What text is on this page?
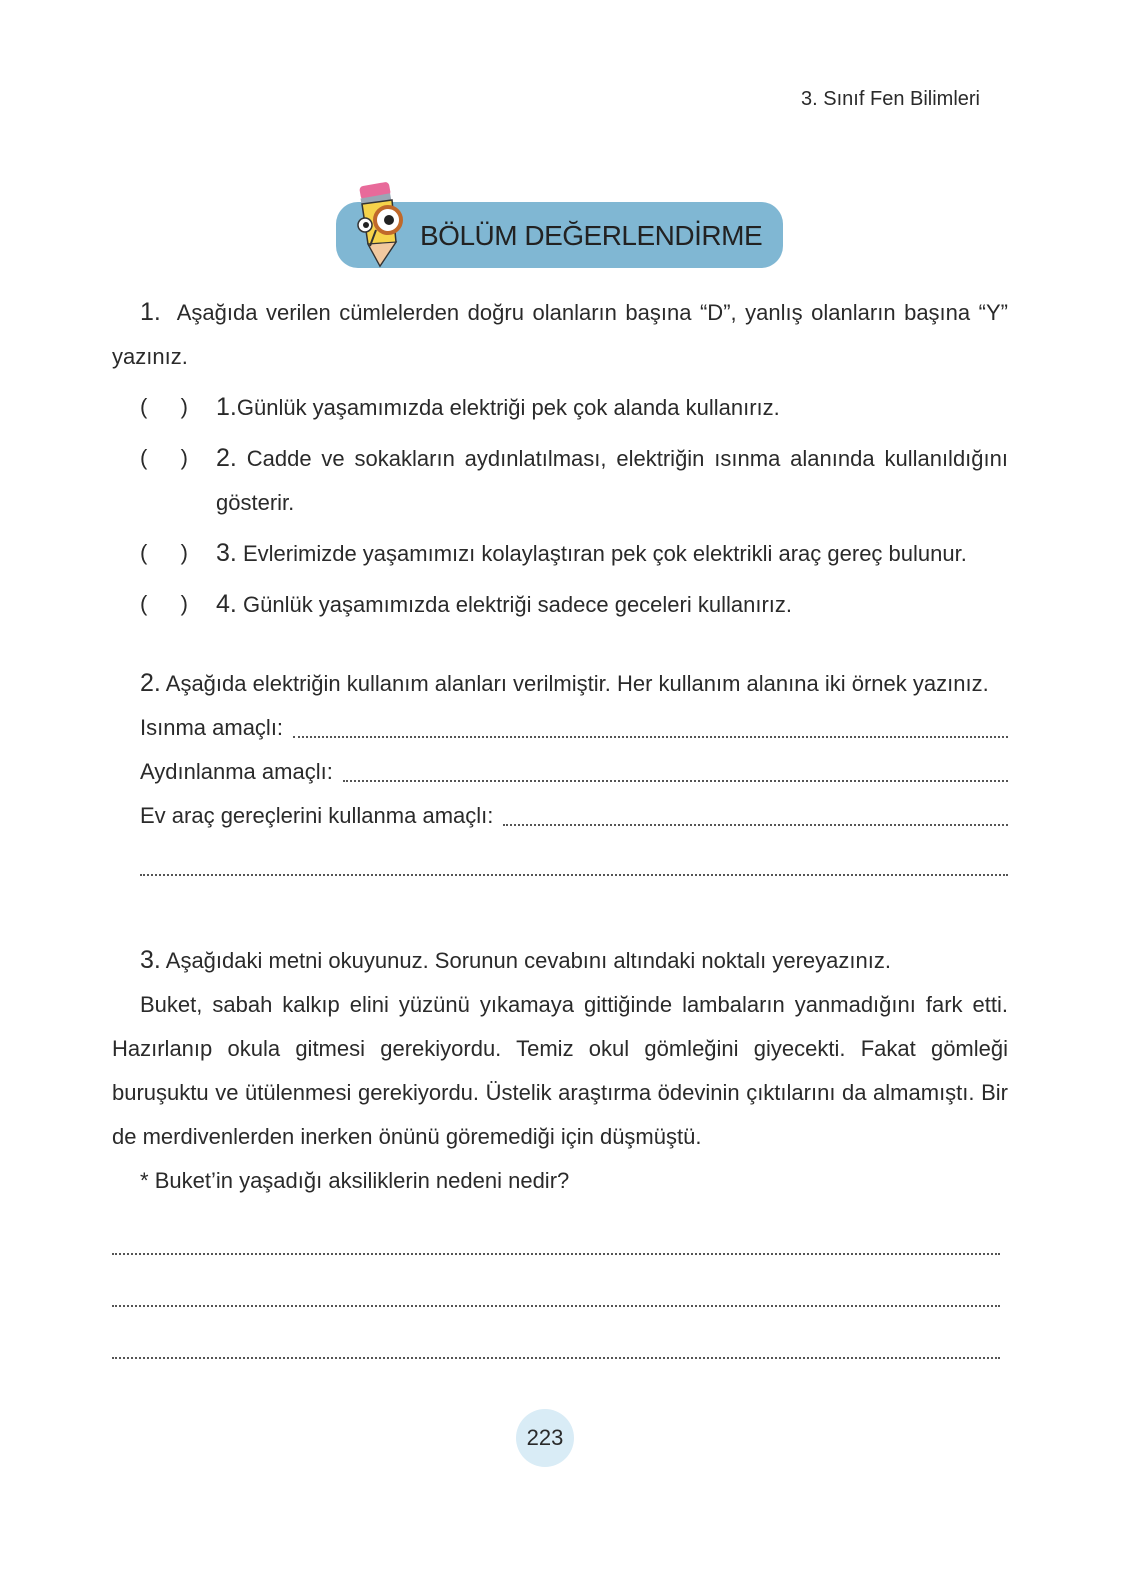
3. Sınıf Fen Bilimleri
BÖLÜM DEĞERLENDİRME

1. Aşağıda verilen cümlelerden doğru olanların başına “D”, yanlış olanların başına “Y” yazınız.

( ) 1.Günlük yaşamımızda elektriği pek çok alanda kullanırız.
( ) 2. Cadde ve sokakların aydınlatılması, elektriğin ısınma alanında kullanıldığını gösterir.
( ) 3. Evlerimizde yaşamımızı kolaylaştıran pek çok elektrikli araç gereç bulunur.
( ) 4. Günlük yaşamımızda elektriği sadece geceleri kullanırız.

2. Aşağıda elektriğin kullanım alanları verilmiştir. Her kullanım alanına iki örnek yazınız.

Isınma amaçlı:
Aydınlanma amaçlı:
Ev araç gereçlerini kullanma amaçlı:

3. Aşağıdaki metni okuyunuz. Sorunun cevabını altındaki noktalı yereyazınız.

Buket, sabah kalkıp elini yüzünü yıkamaya gittiğinde lambaların yanmadığını fark etti. Hazırlanıp okula gitmesi gerekiyordu. Temiz okul gömleğini giyecekti. Fakat gömleği buruşuktu ve ütülenmesi gerekiyordu. Üstelik araştırma ödevinin çıktılarını da almamıştı. Bir de merdivenlerden inerken önünü göremediği için düşmüştü.

* Buket’in yaşadığı aksiliklerin nedeni nedir?

223
